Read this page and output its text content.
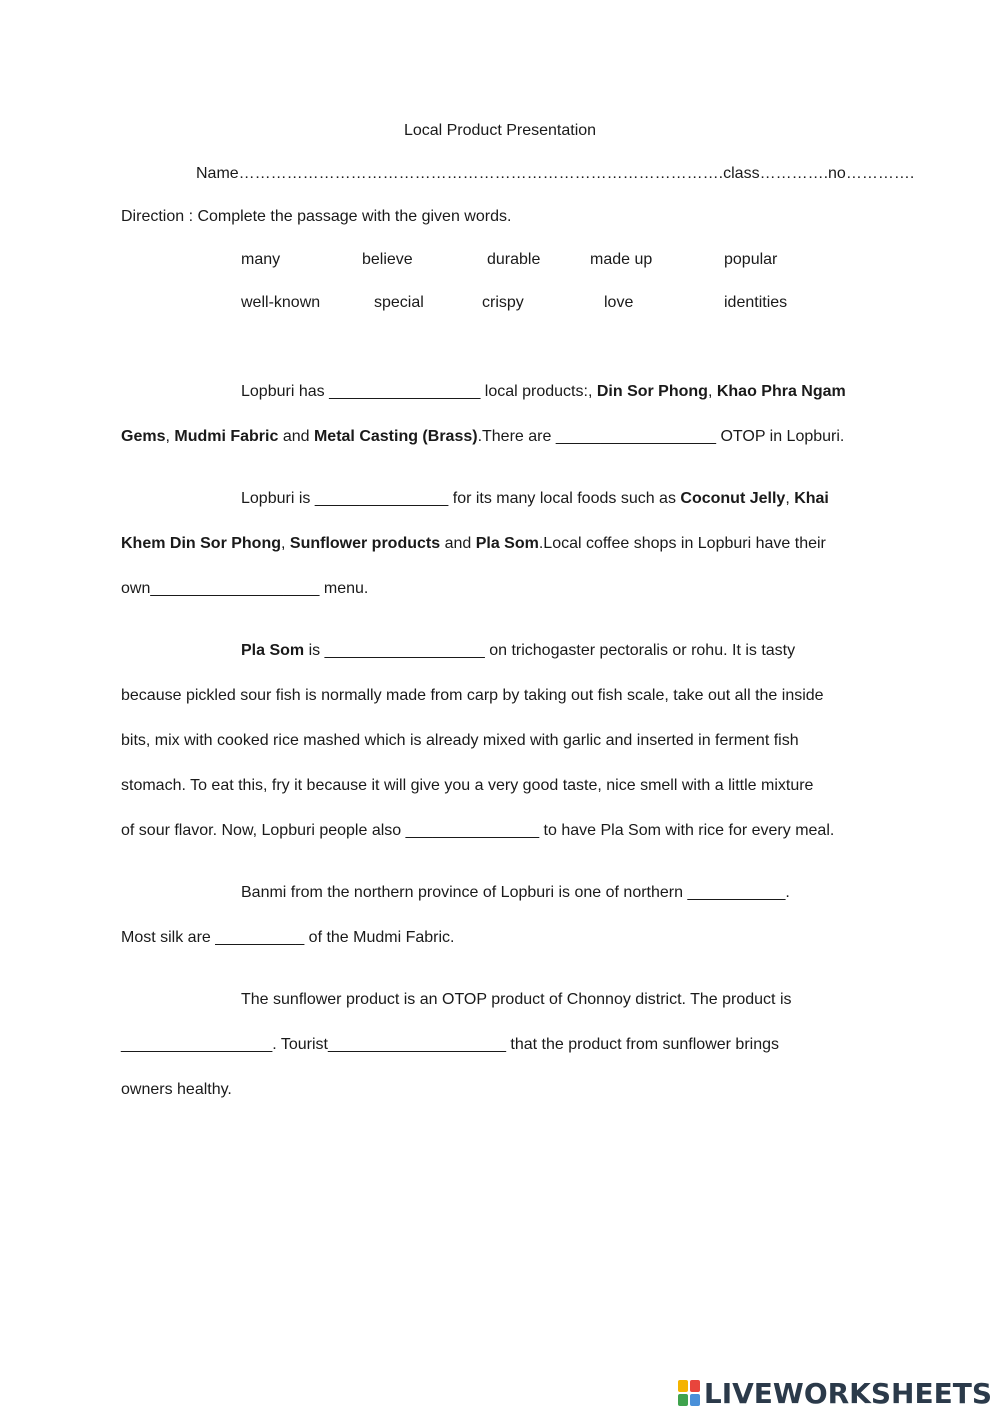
Local Product Presentation
Name……………………………………………………………………………….class………….no………….
Direction : Complete the passage with the given words.
many	believe	durable	made up	popular
well-known	special	crispy	love	identities
Lopburi has _________________ local products:, Din Sor Phong, Khao Phra Ngam
Gems, Mudmi Fabric and Metal Casting (Brass).There are __________________ OTOP in Lopburi.
Lopburi is _______________ for its many local foods such as Coconut Jelly, Khai
Khem Din Sor Phong, Sunflower products and Pla Som.Local coffee shops in Lopburi have their
own___________________ menu.
Pla Som is __________________ on trichogaster pectoralis or rohu. It is tasty
because pickled sour fish is normally made from carp by taking out fish scale, take out all the inside
bits, mix with cooked rice mashed which is already mixed with garlic and inserted in ferment fish
stomach. To eat this, fry it because it will give you a very good taste, nice smell with a little mixture
of sour flavor. Now, Lopburi people also _______________ to have Pla Som with rice for every meal.
Banmi from the northern province of Lopburi is one of northern ___________.
Most silk are __________ of the Mudmi Fabric.
The sunflower product is an OTOP product of Chonnoy district. The product is
_________________. Tourist____________________ that the product from sunflower brings
owners healthy.
LIVEWORKSHEETS
